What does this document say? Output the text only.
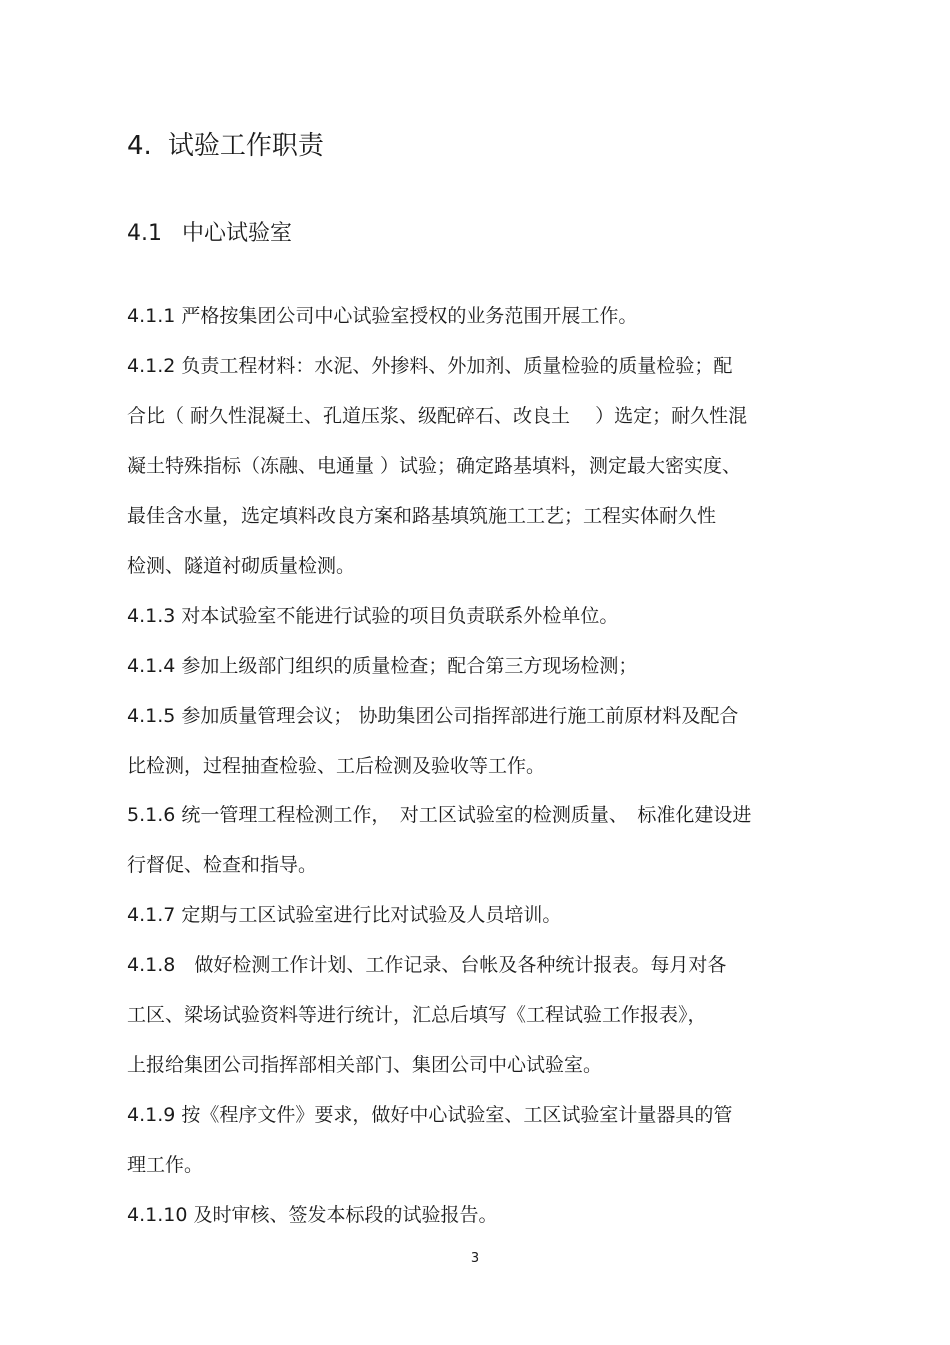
4. 试验工作职责
4.1 中心试验室
4.1.1 严格按集团公司中心试验室授权的业务范围开展工作。
4.1.2 负责工程材料：水泥、外掺料、外加剂、质量检验的质量检验；配
合比（ 耐久性混凝土、孔道压浆、级配碎石、改良土　 ）选定；耐久性混
凝土特殊指标（冻融、电通量 ）试验；确定路基填料，测定最大密实度、
最佳含水量，选定填料改良方案和路基填筑施工工艺；工程实体耐久性
检测、隧道衬砌质量检测。
4.1.3 对本试验室不能进行试验的项目负责联系外检单位。
4.1.4 参加上级部门组织的质量检查；配合第三方现场检测；
4.1.5 参加质量管理会议； 协助集团公司指挥部进行施工前原材料及配合
比检测，过程抽查检验、工后检测及验收等工作。
5.1.6 统一管理工程检测工作，　对工区试验室的检测质量、　标准化建设进
行督促、检查和指导。
4.1.7 定期与工区试验室进行比对试验及人员培训。
4.1.8　做好检测工作计划、工作记录、台帐及各种统计报表。每月对各
工区、梁场试验资料等进行统计，汇总后填写《工程试验工作报表》，
上报给集团公司指挥部相关部门、集团公司中心试验室。
4.1.9 按《程序文件》要求，做好中心试验室、工区试验室计量器具的管
理工作。
4.1.10 及时审核、签发本标段的试验报告。
3
